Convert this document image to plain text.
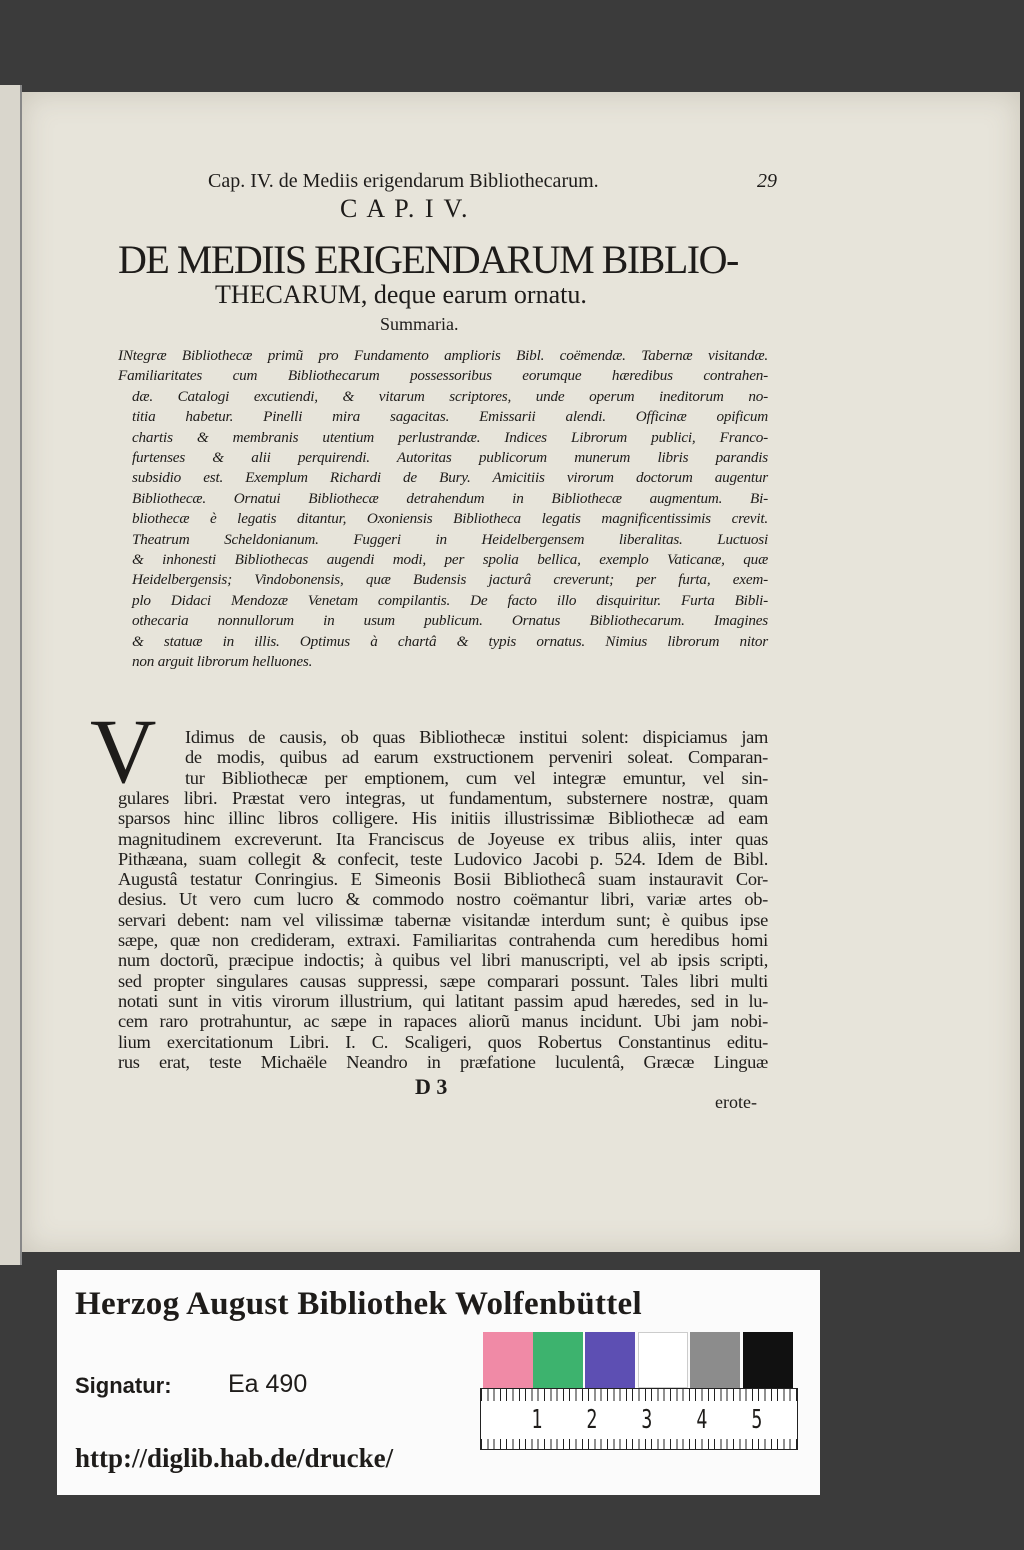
Cap. IV. de Mediis erigendarum Bibliothecarum.	29
C A P. I V.
DE MEDIIS ERIGENDARUM BIBLIO-
THECARUM, deque earum ornatu.
Summaria.
INtegræ Bibliothecæ primũ pro Fundamento amplioris Bibl. coëmendæ. Tabernæ visitandæ.
Familiaritates cum Bibliothecarum possessoribus eorumque hæredibus contrahen-
dæ. Catalogi excutiendi, & vitarum scriptores, unde operum ineditorum no-
titia habetur. Pinelli mira sagacitas. Emissarii alendi. Officinæ opificum
chartis & membranis utentium perlustrandæ. Indices Librorum publici, Franco-
furtenses & alii perquirendi. Autoritas publicorum munerum libris parandis
subsidio est. Exemplum Richardi de Bury. Amicitiis virorum doctorum augentur
Bibliothecæ. Ornatui Bibliothecæ detrahendum in Bibliothecæ augmentum. Bi-
bliothecæ è legatis ditantur, Oxoniensis Bibliotheca legatis magnificentissimis crevit.
Theatrum Scheldonianum. Fuggeri in Heidelbergensem liberalitas. Luctuosi
& inhonesti Bibliothecas augendi modi, per spolia bellica, exemplo Vaticanæ, quæ
Heidelbergensis; Vindobonensis, quæ Budensis jacturâ creverunt; per furta, exem-
plo Didaci Mendozæ Venetam compilantis. De facto illo disquiritur. Furta Bibli-
othecaria nonnullorum in usum publicum. Ornatus Bibliothecarum. Imagines
& statuæ in illis. Optimus à chartâ & typis ornatus. Nimius librorum nitor
non arguit librorum helluones.
V Idimus de causis, ob quas Bibliothecæ institui solent: dispiciamus jam
de modis, quibus ad earum exstructionem perveniri soleat. Comparan-
tur Bibliothecæ per emptionem, cum vel integræ emuntur, vel sin-
gulares libri. Præstat vero integras, ut fundamentum, substernere nostræ, quam
sparsos hinc illinc libros colligere. His initiis illustrissimæ Bibliothecæ ad eam
magnitudinem excreverunt. Ita Franciscus de Joyeuse ex tribus aliis, inter quas
Pithæana, suam collegit & confecit, teste Ludovico Jacobi p. 524. Idem de Bibl.
Augustâ testatur Conringius. E Simeonis Bosii Bibliothecâ suam instauravit Cor-
desius. Ut vero cum lucro & commodo nostro coëmantur libri, variæ artes ob-
servari debent: nam vel vilissimæ tabernæ visitandæ interdum sunt; è quibus ipse
sæpe, quæ non credideram, extraxi. Familiaritas contrahenda cum heredibus homi
num doctorũ, præcipue indoctis; à quibus vel libri manuscripti, vel ab ipsis scripti,
sed propter singulares causas suppressi, sæpe comparari possunt. Tales libri multi
notati sunt in vitis virorum illustrium, qui latitant passim apud hæredes, sed in lu-
cem raro protrahuntur, ac sæpe in rapaces aliorũ manus incidunt. Ubi jam nobi-
lium exercitationum Libri. I. C. Scaligeri, quos Robertus Constantinus editu-
rus erat, teste Michaële Neandro in præfatione luculentâ, Græcæ Linguæ
D 3
erote-
Herzog August Bibliothek Wolfenbüttel
Signatur: Ea 490
http://diglib.hab.de/drucke/
1 2 3 4 5
